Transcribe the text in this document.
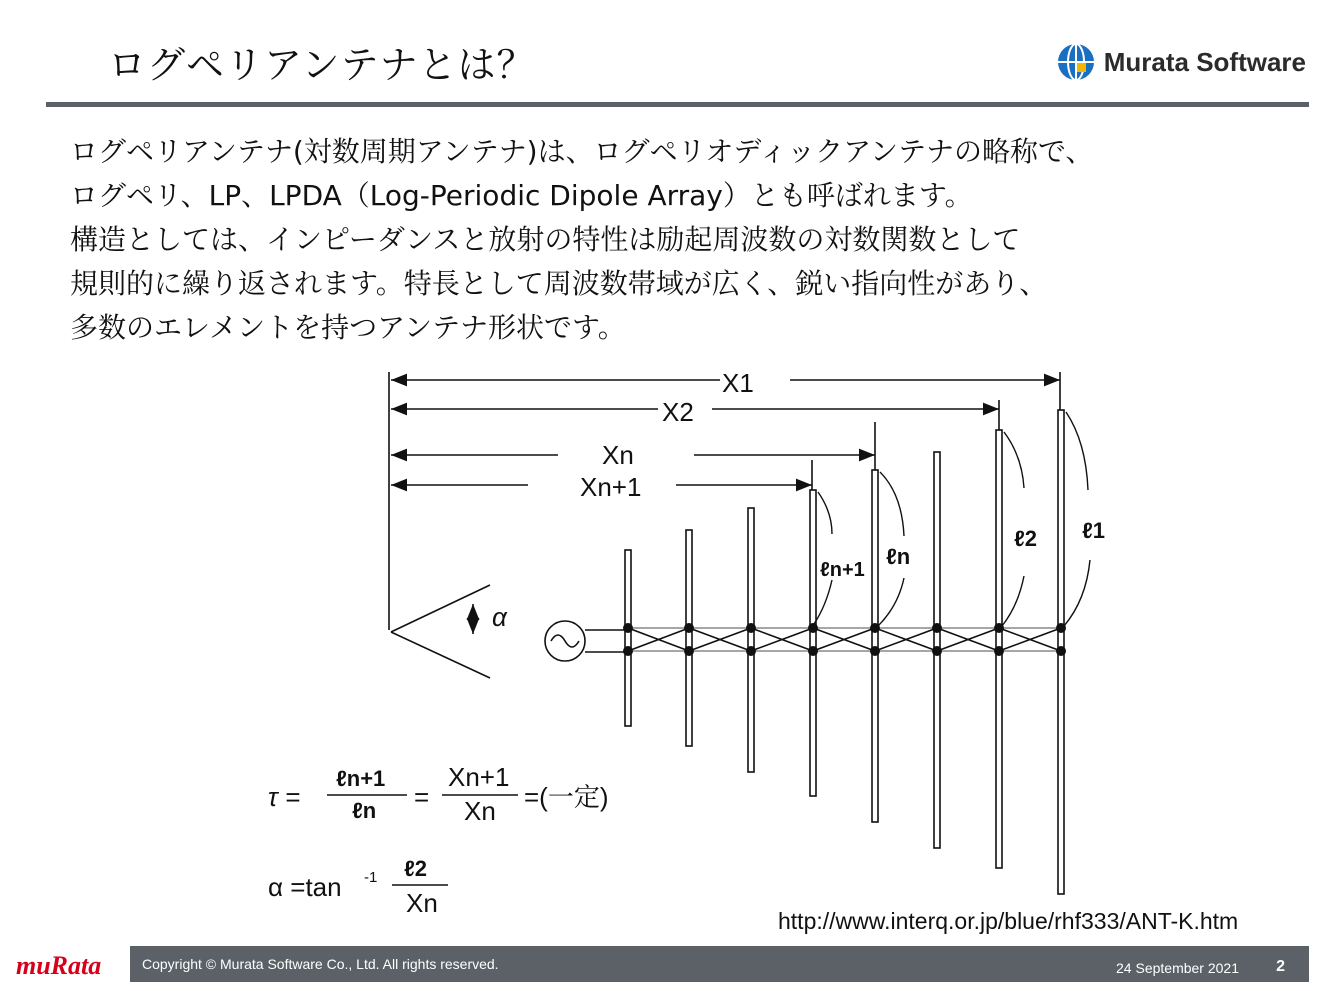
ログペリアンテナとは？	Murata Software
ログペリアンテナ(対数周期アンテナ)は、ログペリオディックアンテナの略称で、
ログペリ、LP、LPDA（Log-Periodic Dipole Array）とも呼ばれます。
構造としては、インピーダンスと放射の特性は励起周波数の対数関数として
規則的に繰り返されます。特長として周波数帯域が広く、鋭い指向性があり、
多数のエレメントを持つアンテナ形状です。
X1
X2
Xn
Xn+1
ℓ1
ℓ2
ℓn
ℓn+1
α
τ =
ℓn+1
ℓn =
Xn+1
Xn =(一定)
α =tan -1 ℓ2
Xn
http://www.interq.or.jp/blue/rhf333/ANT-K.htm
muRata	Copyright © Murata Software Co., Ltd. All rights reserved.	24 September 2021 2
